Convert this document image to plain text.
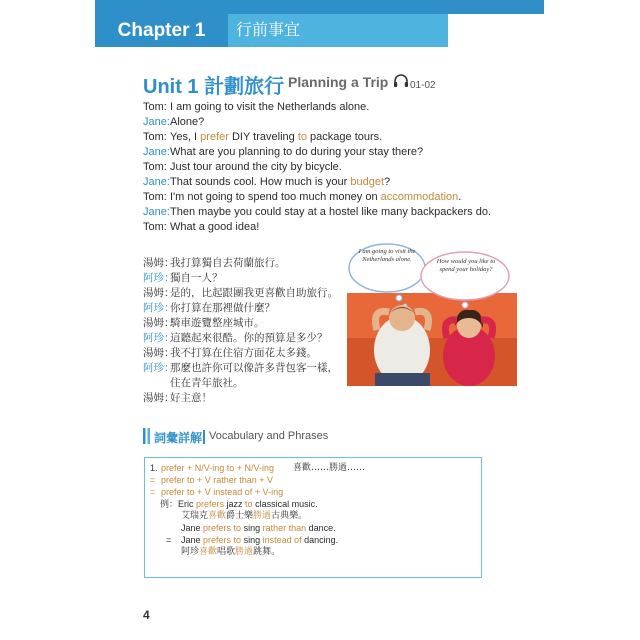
Chapter 1	行前事宜
Unit 1 計劃旅行 Planning a Trip 01-02
Tom: I am going to visit the Netherlands alone.
Jane:Alone?
Tom: Yes, I prefer DIY traveling to package tours.
Jane:What are you planning to do during your stay there?
Tom: Just tour around the city by bicycle.
Jane:That sounds cool. How much is your budget?
Tom: I'm not going to spend too much money on accommodation.
Jane:Then maybe you could stay at a hostel like many backpackers do.
Tom: What a good idea!
湯姆：我打算獨自去荷蘭旅行。
阿珍：獨自一人？
湯姆：是的，比起跟團我更喜歡自助旅行。
阿珍：你打算在那裡做什麼？
湯姆：騎車遊覽整座城市。
阿珍：這聽起來很酷。你的預算是多少？
湯姆：我不打算在住宿方面花太多錢。
阿珍：那麼也許你可以像許多背包客一樣，
住在青年旅社。
湯姆：好主意！
I am going to visit the Netherlands alone.	How would you like to spend your holiday?
詞彙詳解 Vocabulary and Phrases
1. prefer + N/V-ing to + N/V-ing 喜歡……勝過……
= prefer to + V rather than + V
= prefer to + V instead of + V-ing
例：Eric prefers jazz to classical music.
艾瑞克喜歡爵士樂勝過古典樂。
Jane prefers to sing rather than dance.
= Jane prefers to sing instead of dancing.
阿珍喜歡唱歌勝過跳舞。
4
